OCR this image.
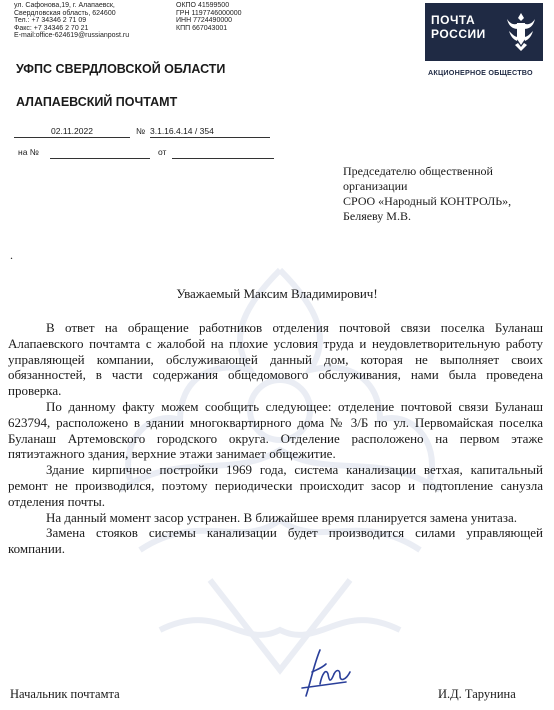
ул. Сафонова,19, г. Алапаевск,
Свердловская область, 624600
Тел.: +7 34346 2 71 09
Факс: +7 34346 2 70 21
E-mail:office-624619@russianpost.ru
ОКПО 41599500
ГРН 1197746000000
ИНН 7724490000
КПП 667043001
ПОЧТА
РОССИИ
АКЦИОНЕРНОЕ ОБЩЕСТВО
УФПС СВЕРДЛОВСКОЙ ОБЛАСТИ
АЛАПАЕВСКИЙ ПОЧТАМТ
02.11.2022	№ 3.1.16.4.14 / 354
на №	от
Председателю общественной
организации
СРОО «Народный КОНТРОЛЬ»,
Беляеву М.В.
.
Уважаемый Максим Владимирович!

В ответ на обращение работников отделения почтовой связи поселка Буланаш Алапаевского почтамта с жалобой на плохие условия труда и неудовлетворительную работу управляющей компании, обслуживающей данный дом, которая не выполняет своих обязанностей, в части содержания общедомового обслуживания, нами была проведена проверка.

По данному факту можем сообщить следующее: отделение почтовой связи Буланаш 623794, расположено в здании многоквартирного дома № 3/Б по ул. Первомайская поселка Буланаш Артемовского городского округа. Отделение расположено на первом этаже пятиэтажного здания, верхние этажи занимает общежитие.

Здание кирпичное постройки 1969 года, система канализации ветхая, капитальный ремонт не производился, поэтому периодически происходит засор и подтопление санузла отделения почты.

На данный момент засор устранен. В ближайшее время планируется замена унитаза.

Замена стояков системы канализации будет производится силами управляющей компании.

Начальник почтамта	И.Д. Тарунина
